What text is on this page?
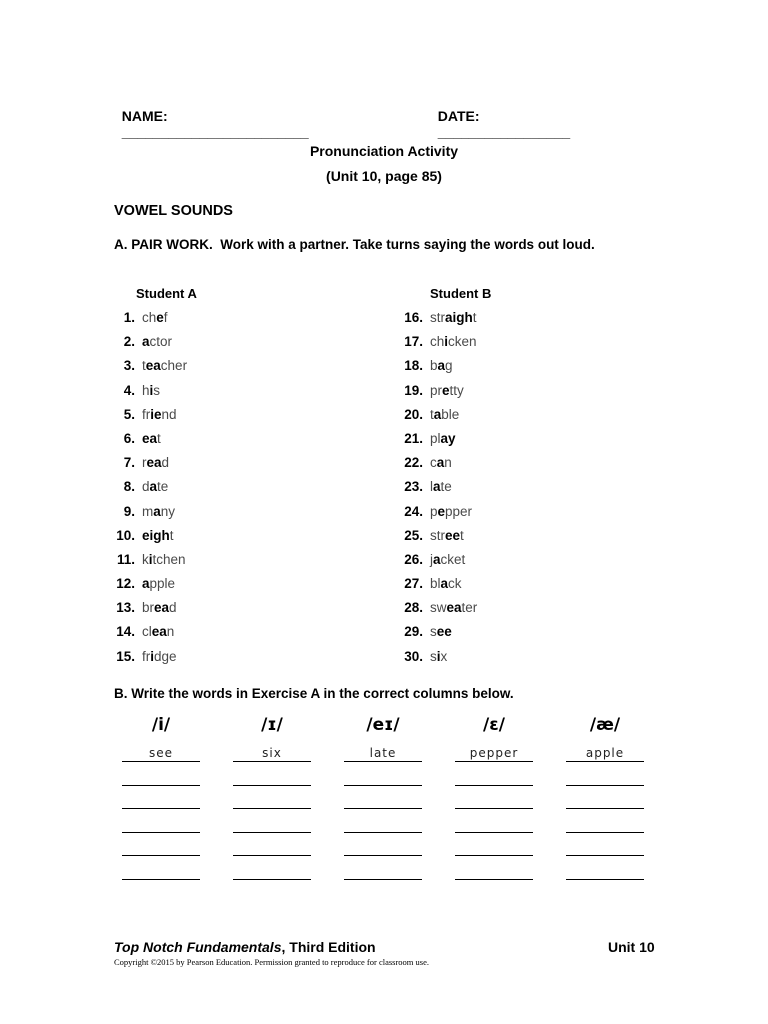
NAME:
________________________

DATE:
_________________

Pronunciation Activity
(Unit 10, page 85)
VOWEL SOUNDS
A. PAIR WORK.  Work with a partner. Take turns saying the words out loud.
Student A	Student B
1. chef
2. actor
3. teacher
4. his
5. friend
6. eat
7. read
8. date
9. many
10. eight
11. kitchen
12. apple
13. bread
14. clean
15. fridge
16. straight
17. chicken
18. bag
19. pretty
20. table
21. play
22. can
23. late
24. pepper
25. street
26. jacket
27. black
28. sweater
29. see
30. six
B. Write the words in Exercise A in the correct columns below.
/i/
see
/ɪ/
six
/eɪ/
late
/ɛ/
pepper
/æ/
apple
Top Notch Fundamentals, Third Edition	Unit 10
Copyright ©2015 by Pearson Education. Permission granted to reproduce for classroom use.
